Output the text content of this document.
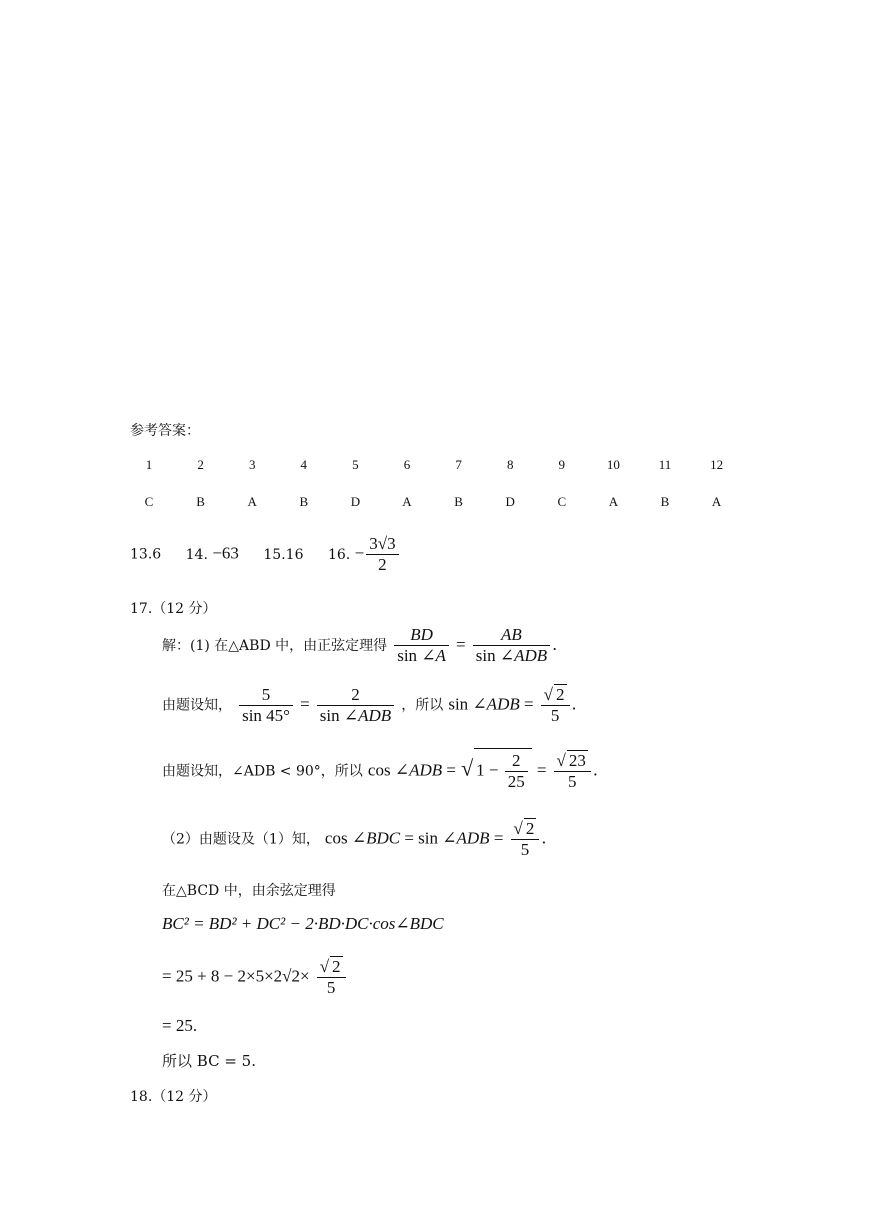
参考答案：
1
C
2
B
3
A
4
B
5
D
6
A
7
B
8
D
9
C
10
A
11
B
12
A
13.6 14. −63 15.16 16. − $\frac{3√3}{2}$
17.（12 分）
解：(1) 在△ABD 中，由正弦定理得 $\frac{BD}{\sin \angle A} = \frac{AB}{\text{sin ∠ADB}}$ .
由题设知， $\frac{5}{\sin 45^\circ} = \frac{2}{\text{sin ∠ADB}}$ ，所以 sin ∠ADB = $\frac{√ 2}{5}$ .
由题设知，∠ADB < 90°，所以 cos ∠ADB = √ $1 - \frac{2}{25} = \frac{√ 23}{5}$ .
（2）由题设及（1）知， cos ∠BDC = sin ∠ADB = $\frac{√ 2}{5}$ .
在△BCD 中，由余弦定理得
BC² = BD² + DC² − 2·BD·DC·cos∠BDC
= $25 + 8 - 2\times 5\times 2√2\times \frac{√ 2}{5}$
= 25.
所以 BC = 5.
18.（12 分）
